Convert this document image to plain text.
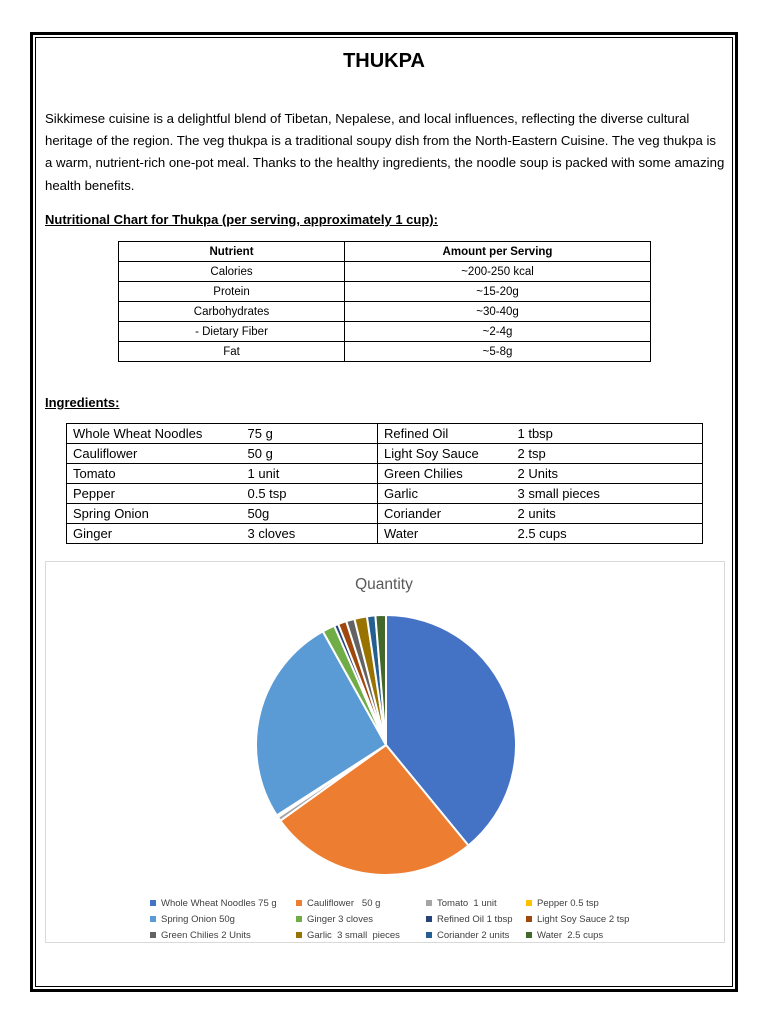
THUKPA
Sikkimese cuisine is a delightful blend of Tibetan, Nepalese, and local influences, reflecting the diverse cultural heritage of the region. The veg thukpa is a traditional soupy dish from the North-Eastern Cuisine. The veg thukpa is a warm, nutrient-rich one-pot meal. Thanks to the healthy ingredients, the noodle soup is packed with some amazing health benefits.
Nutritional Chart for Thukpa (per serving, approximately 1 cup):
Nutrient	Amount per Serving
Calories	~200-250 kcal
Protein	~15-20g
Carbohydrates	~30-40g
- Dietary Fiber	~2-4g
Fat	~5-8g
Ingredients:
Whole Wheat Noodles	75 g	Refined Oil	1 tbsp
Cauliflower	50 g	Light Soy Sauce	2 tsp
Tomato	1 unit	Green Chilies	2 Units
Pepper	0.5 tsp	Garlic	3 small pieces
Spring Onion	50g	Coriander	2 units
Ginger	3 cloves	Water	2.5 cups
Quantity
Whole Wheat Noodles 75 g	Cauliflower   50 g	Tomato  1 unit	Pepper 0.5 tsp
Spring Onion 50g	Ginger 3 cloves	Refined Oil 1 tbsp	Light Soy Sauce 2 tsp
Green Chilies 2 Units	Garlic  3 small  pieces	Coriander 2 units	Water  2.5 cups
